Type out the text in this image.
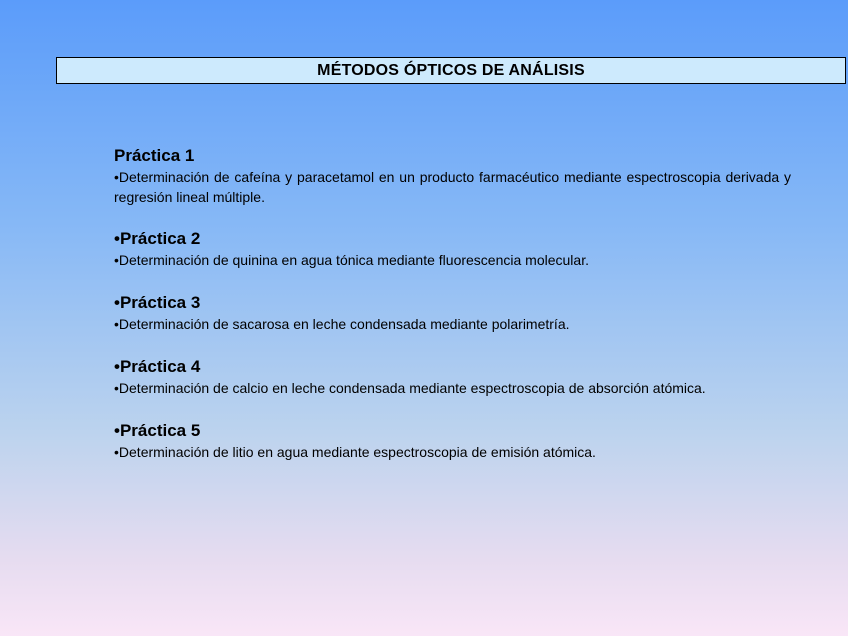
MÉTODOS ÓPTICOS DE ANÁLISIS
Práctica 1
•Determinación de cafeína y paracetamol en un producto farmacéutico mediante espectroscopia derivada y regresión lineal múltiple.
•Práctica 2
•Determinación de quinina en agua tónica mediante fluorescencia molecular.
•Práctica 3
•Determinación de sacarosa en leche condensada mediante polarimetría.
•Práctica 4
•Determinación de calcio en leche condensada mediante espectroscopia de absorción atómica.
•Práctica 5
•Determinación de litio en agua mediante espectroscopia de emisión atómica.
